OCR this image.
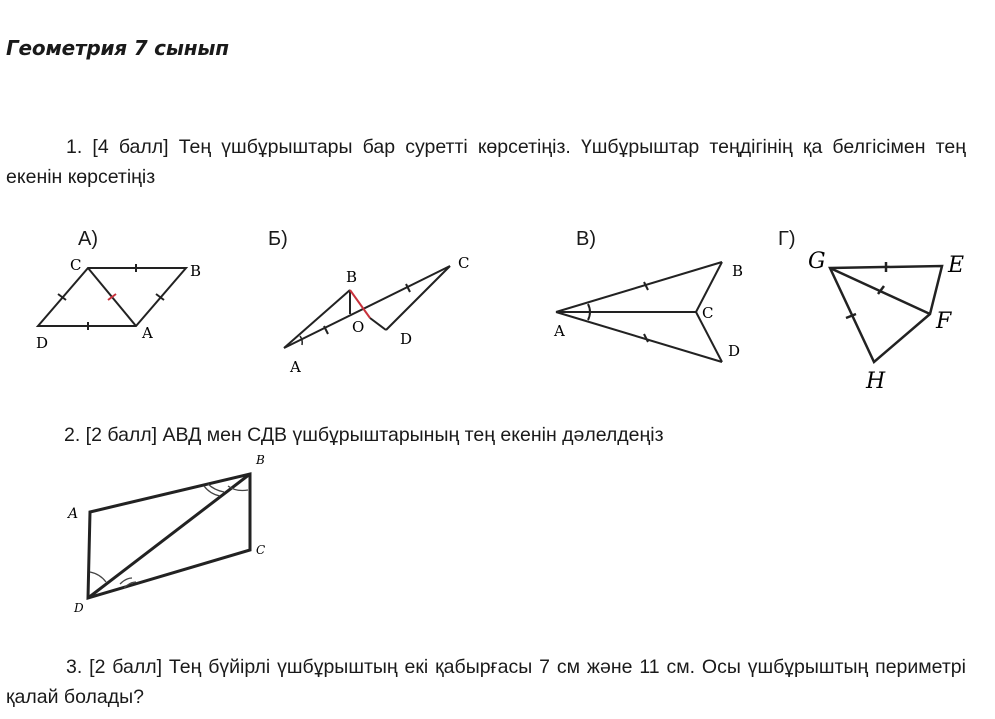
Геометрия 7 сынып
1. [4 балл] Тең үшбұрыштары бар суретті көрсетіңіз. Үшбұрыштар теңдігінің қа белгісімен тең екенін көрсетіңіз
А)	Б)	В)	Г)
C	B
D
A
B
C
O
D
A
B
C
A
D
G	E
F
H
2. [2 балл] АВД мен СДВ үшбұрыштарының тең екенін дәлелдеңіз
B
A
C
D
3. [2 балл] Тең бүйірлі үшбұрыштың екі қабырғасы 7 см және 11 см. Осы үшбұрыштың периметрі қалай болады?
